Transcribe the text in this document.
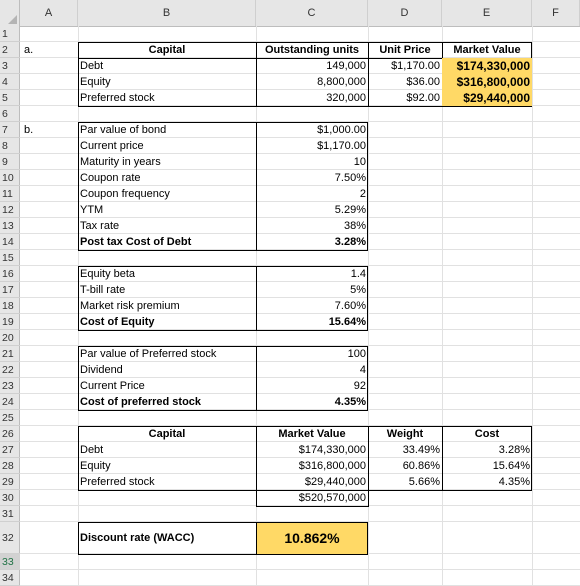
A	B	C	D	E	F
1
2
3
4
5
6
7
8
9
10
11
12
13
14
15
16
17
18
19
20
21
22
23
24
25
26
27
28
29
30
31
32
33
34
a.	Capital	Outstanding units	Unit Price	Market Value
Debt	149,000	$1,170.00	$174,330,000
Equity	8,800,000	$36.00	$316,800,000
Preferred stock	320,000	$92.00	$29,440,000
b.	Par value of bond	$1,000.00
Current price	$1,170.00
Maturity in years	10
Coupon rate	7.50%
Coupon frequency	2
YTM	5.29%
Tax rate	38%
Post tax Cost of Debt	3.28%
Equity beta	1.4
T-bill rate	5%
Market risk premium	7.60%
Cost of Equity	15.64%
Par value of Preferred stock	100
Dividend	4
Current Price	92
Cost of preferred stock	4.35%
Capital	Market Value	Weight	Cost
Debt	$174,330,000	33.49%	3.28%
Equity	$316,800,000	60.86%	15.64%
Preferred stock	$29,440,000	5.66%	4.35%
$520,570,000
Discount rate (WACC)	10.862%
